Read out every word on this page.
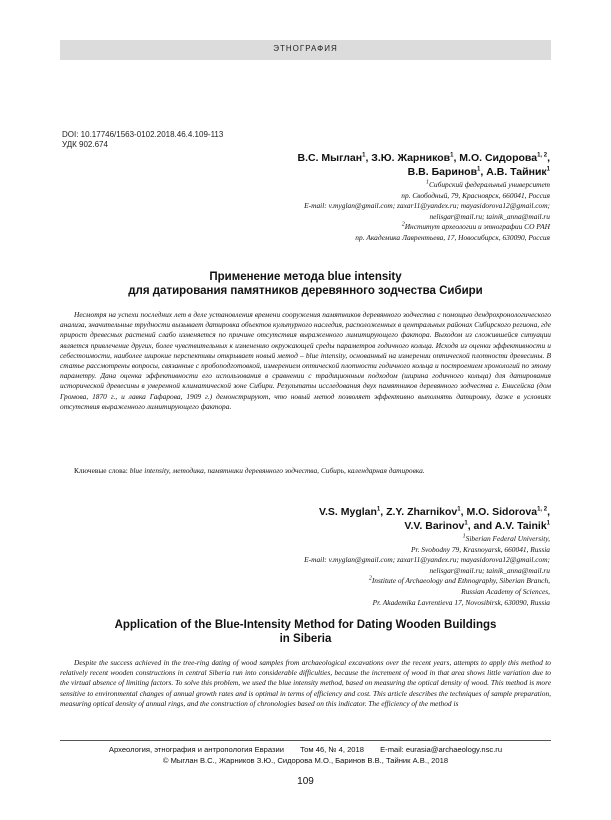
ЭТНОГРАФИЯ
DOI: 10.17746/1563-0102.2018.46.4.109-113
УДК 902.674
В.С. Мыглан$^1$, З.Ю. Жарников$^1$, М.О. Сидорова$^{1, 2}$,
В.В. Баринов$^1$, А.В. Тайник$^1$
$^1$Сибирский федеральный университет
пр. Свободный, 79, Красноярск, 660041, Россия
E-mail: v.myglan@gmail.com; zaxar11@yandex.ru; mayasidorova12@gmail.com;
nelisgar@mail.ru; tainik_anna@mail.ru
$^2$Институт археологии и этнографии СО РАН
пр. Академика Лаврентьева, 17, Новосибирск, 630090, Россия
Применение метода blue intensity
для датирования памятников деревянного зодчества Сибири

Несмотря на успехи последних лет в деле установления времени сооружения памятников деревянного зодчества с помощью дендрохронологического анализа, значительные трудности вызывает датировка объектов культурного наследия, расположенных в центральных районах Сибирского региона, где прирост древесных растений слабо изменяется по причине отсутствия выраженного лимитирующего фактора. Выходом из сложившейся ситуации является привлечение других, более чувствительных к изменению окружающей среды параметров годичного кольца. Исходя из оценки эффективности и себестоимости, наиболее широкие перспективы открывает новый метод – blue intensity, основанный на измерении оптической плотности древесины. В статье рассмотрены вопросы, связанные с пробоподготовкой, измерением оптической плотности годичного кольца и построением хронологий по этому параметру. Дана оценка эффективности его использования в сравнении с традиционным подходом (ширина годичного кольца) для датирования исторической древесины в умеренной климатической зоне Сибири. Результаты исследования двух памятников деревянного зодчества г. Енисейска (дом Громова, 1870 г., и лавка Гафарова, 1909 г.) демонстрируют, что новый метод позволяет эффективно выполнять датировку, даже в условиях отсутствия выраженного лимитирующего фактора.

Ключевые слова: blue intensity, методика, памятники деревянного зодчества, Сибирь, календарная датировка.
V.S. Myglan$^1$, Z.Y. Zharnikov$^1$, M.O. Sidorova$^{1, 2}$,
V.V. Barinov$^1$, and A.V. Tainik$^1$
$^1$Siberian Federal University,
Pr. Svobodny 79, Krasnoyarsk, 660041, Russia
E-mail: v.myglan@gmail.com; zaxar11@yandex.ru; mayasidorova12@gmail.com;
nelisgar@mail.ru; tainik_anna@mail.ru
$^2$Institute of Archaeology and Ethnography, Siberian Branch,
Russian Academy of Sciences,
Pr. Akademika Lavrentieva 17, Novosibirsk, 630090, Russia
Application of the Blue-Intensity Method for Dating Wooden Buildings
in Siberia

Despite the success achieved in the tree-ring dating of wood samples from archaeological excavations over the recent years, attempts to apply this method to relatively recent wooden constructions in central Siberia run into considerable difficulties, because the increment of wood in that area shows little variation due to the virtual absence of limiting factors. To solve this problem, we used the blue intensity method, based on measuring the optical density of wood. This method is more sensitive to environmental changes of annual growth rates and is optimal in terms of efficiency and cost. This article describes the techniques of sample preparation, measuring optical density of annual rings, and the construction of chronologies based on this indicator. The efficiency of the method is

Археология, этнография и антропология Евразии Том 46, № 4, 2018 E-mail: eurasia@archaeology.nsc.ru
© Мыглан В.С., Жарников З.Ю., Сидорова М.О., Баринов В.В., Тайник А.В., 2018
109
